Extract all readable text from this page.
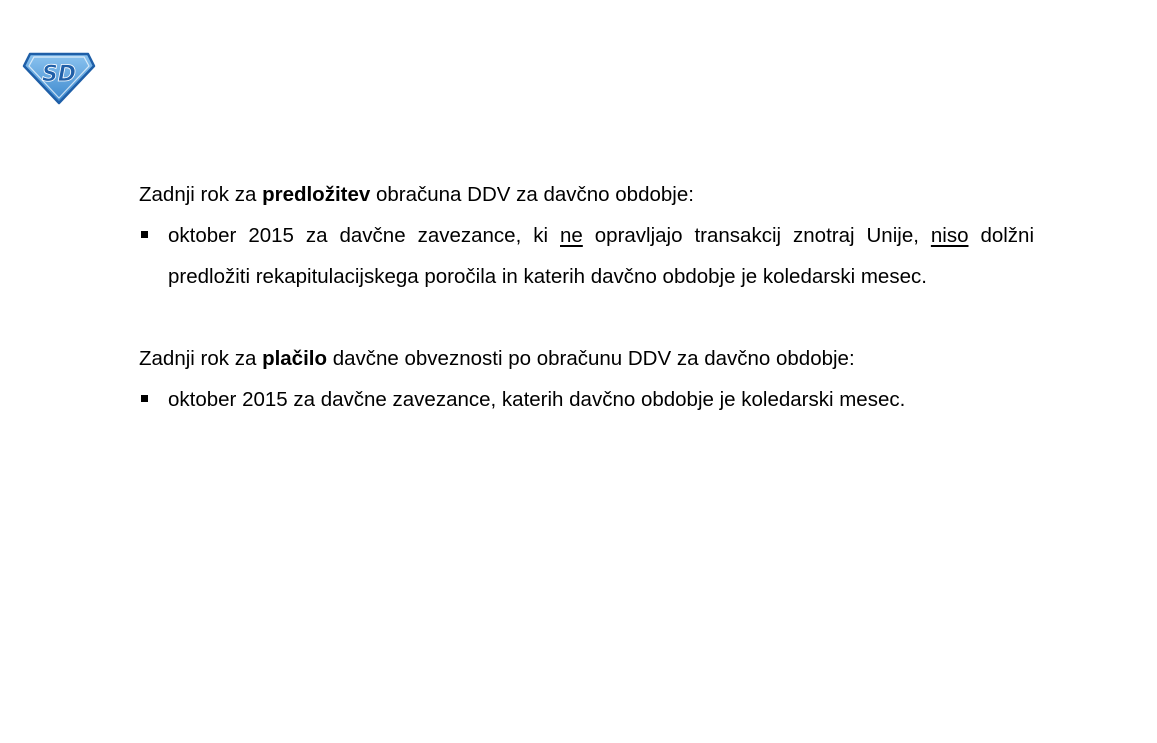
SD

Zadnji rok za predložitev obračuna DDV za davčno obdobje:

oktober 2015 za davčne zavezance, ki ne opravljajo transakcij znotraj Unije, niso dolžni predložiti rekapitulacijskega poročila in katerih davčno obdobje je koledarski mesec.

Zadnji rok za plačilo davčne obveznosti po obračunu DDV za davčno obdobje:

oktober 2015 za davčne zavezance, katerih davčno obdobje je koledarski mesec.
